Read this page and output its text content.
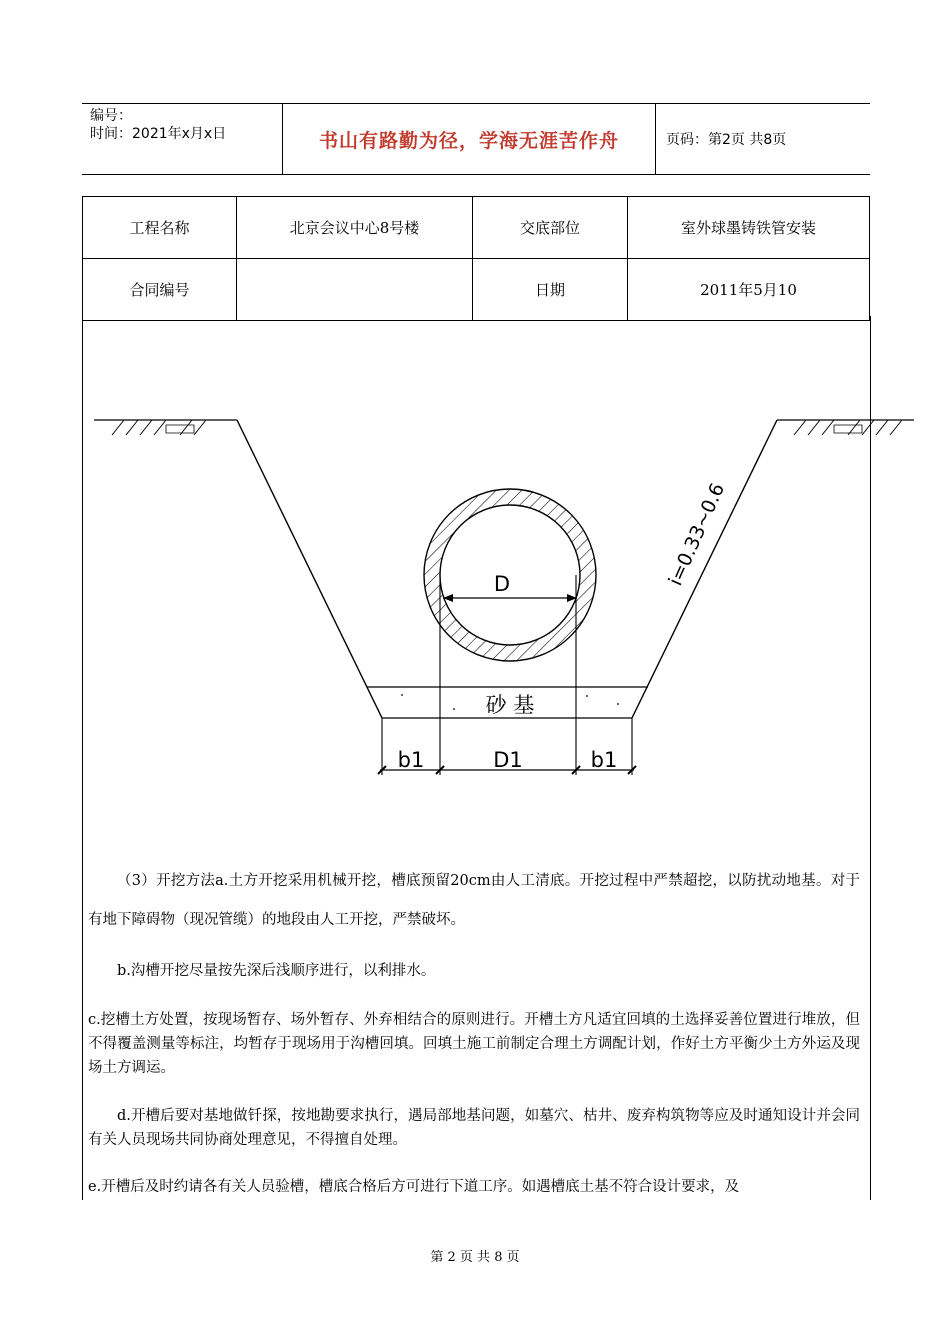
编号：
时间：2021年x月x日	书山有路勤为径，学海无涯苦作舟	页码：第2页 共8页
工程名称	北京会议中心8号楼	交底部位	室外球墨铸铁管安装
合同编号		日期	2011年5月10
砂 基
D
b1	D1	b1
i=0.33~0.6
（3）开挖方法a.土方开挖采用机械开挖，槽底预留20cm由人工清底。开挖过程中严禁超挖，以防扰动地基。对于有地下障碍物（现况管缆）的地段由人工开挖，严禁破坏。
b.沟槽开挖尽量按先深后浅顺序进行，以利排水。
c.挖槽土方处置，按现场暂存、场外暂存、外弃相结合的原则进行。开槽土方凡适宜回填的土选择妥善位置进行堆放，但不得覆盖测量等标注，均暂存于现场用于沟槽回填。回填土施工前制定合理土方调配计划，作好土方平衡少土方外运及现场土方调运。
d.开槽后要对基地做钎探，按地勘要求执行，遇局部地基问题，如墓穴、枯井、废弃构筑物等应及时通知设计并会同有关人员现场共同协商处理意见，不得擅自处理。
e.开槽后及时约请各有关人员验槽，槽底合格后方可进行下道工序。如遇槽底土基不符合设计要求，及
第 2 页 共 8 页
